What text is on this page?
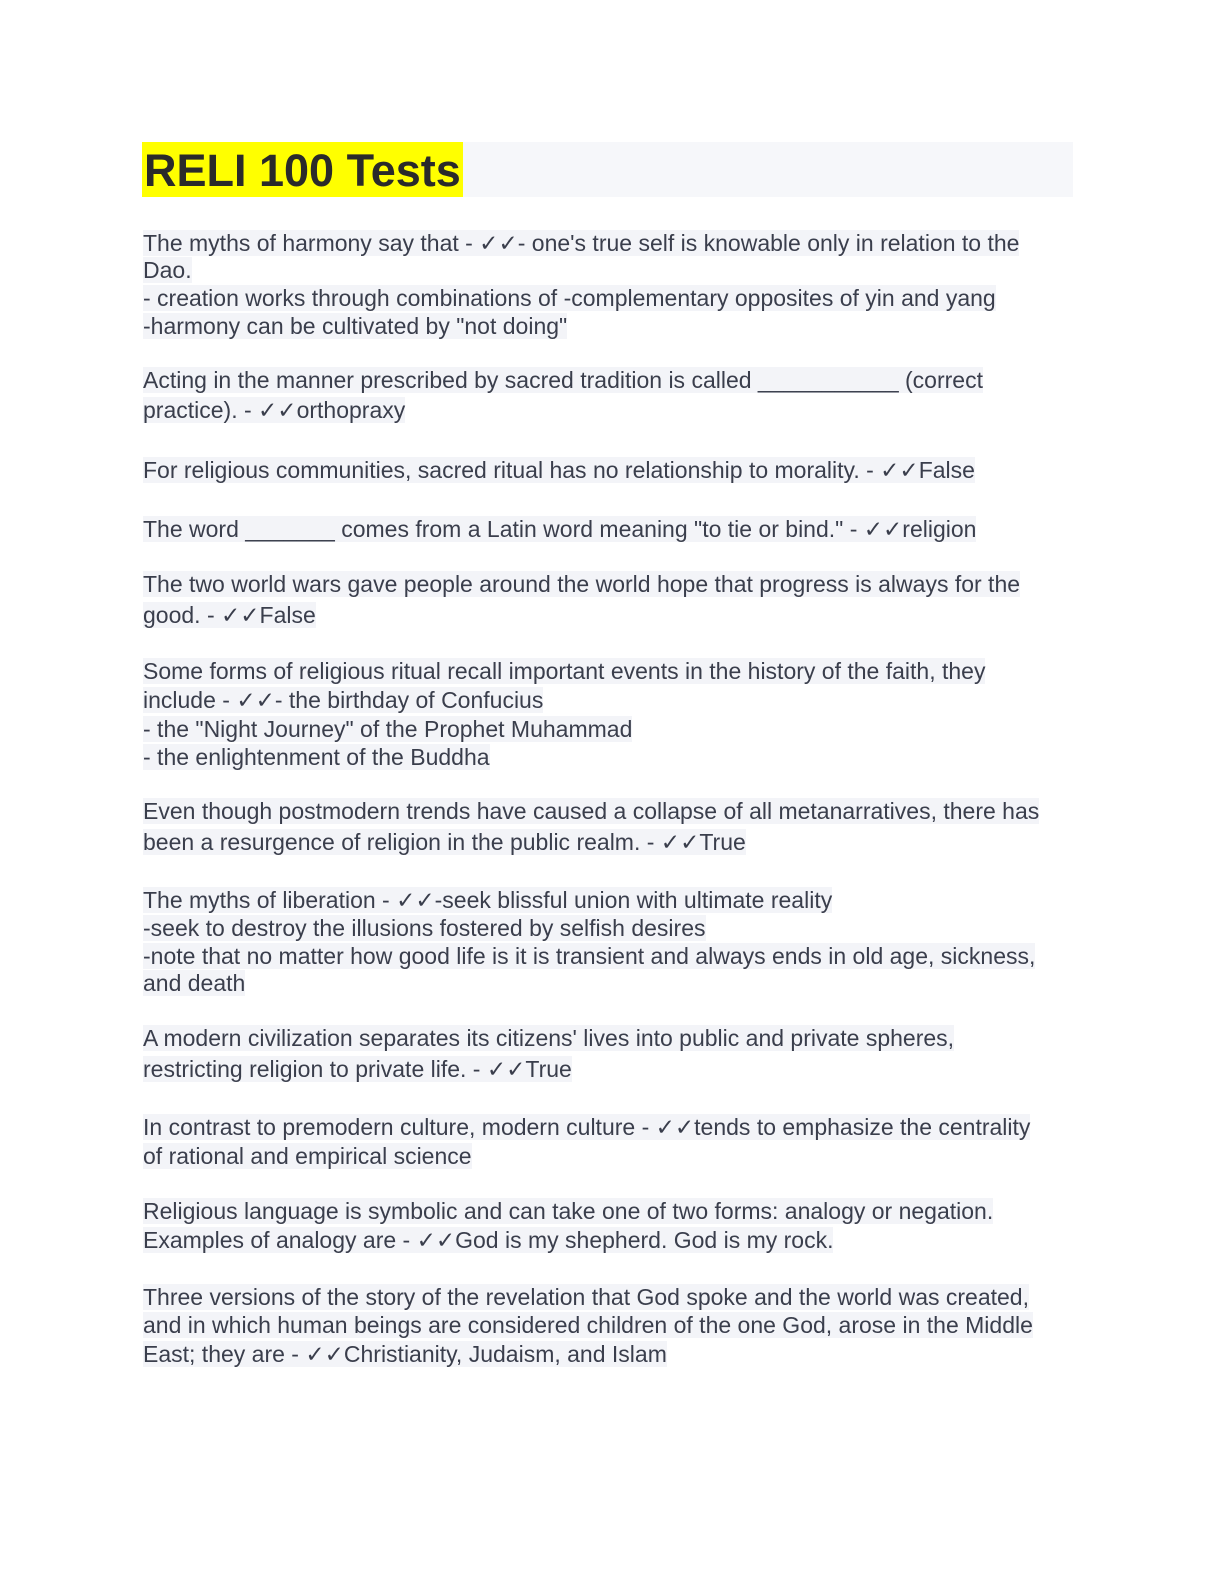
RELI 100 Tests
The myths of harmony say that - ✓✓- one's true self is knowable only in relation to the
Dao.
- creation works through combinations of -complementary opposites of yin and yang
-harmony can be cultivated by "not doing"
Acting in the manner prescribed by sacred tradition is called ___________ (correct
practice). - ✓✓orthopraxy
For religious communities, sacred ritual has no relationship to morality. - ✓✓False
The word _______ comes from a Latin word meaning "to tie or bind." - ✓✓religion
The two world wars gave people around the world hope that progress is always for the
good. - ✓✓False
Some forms of religious ritual recall important events in the history of the faith, they
include - ✓✓- the birthday of Confucius
- the "Night Journey" of the Prophet Muhammad
- the enlightenment of the Buddha
Even though postmodern trends have caused a collapse of all metanarratives, there has
been a resurgence of religion in the public realm. - ✓✓True
The myths of liberation - ✓✓-seek blissful union with ultimate reality
-seek to destroy the illusions fostered by selfish desires
-note that no matter how good life is it is transient and always ends in old age, sickness,
and death
A modern civilization separates its citizens' lives into public and private spheres,
restricting religion to private life. - ✓✓True
In contrast to premodern culture, modern culture - ✓✓tends to emphasize the centrality
of rational and empirical science
Religious language is symbolic and can take one of two forms: analogy or negation.
Examples of analogy are - ✓✓God is my shepherd. God is my rock.
Three versions of the story of the revelation that God spoke and the world was created,
and in which human beings are considered children of the one God, arose in the Middle
East; they are - ✓✓Christianity, Judaism, and Islam
